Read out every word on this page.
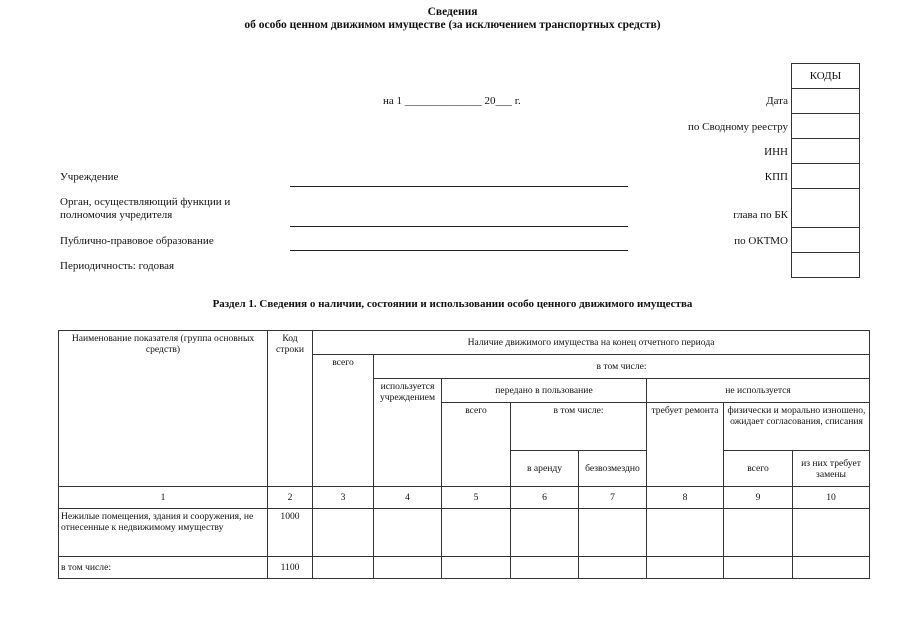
Сведения
об особо ценном движимом имуществе (за исключением транспортных средств)
на 1 ______________ 20___ г.
КОДЫ

Дата
по Сводному реестру
ИНН
КПП
глава по БК
по ОКТМО
Учреждение
Орган, осуществляющий функции и
полномочия учредителя
Публично-правовое образование
Периодичность: годовая
Раздел 1. Сведения о наличии, состоянии и использовании особо ценного движимого имущества
Наименование показателя (группа основных средств)	Код строки	Наличие движимого имущества на конец отчетного периода							
		всего	в том числе:						
			используется учреждением	передано в пользование			не используется		
				всего	в том числе:		требует ремонта	физически и морально изношено, ожидает согласования, списания	
					в аренду	безвозмездно		всего	из них требует замены
1	2	3	4	5	6	7	8	9	10
Нежилые помещения, здания и сооружения, не отнесенные к недвижимому имуществу	1000								
в том числе:	1100								
